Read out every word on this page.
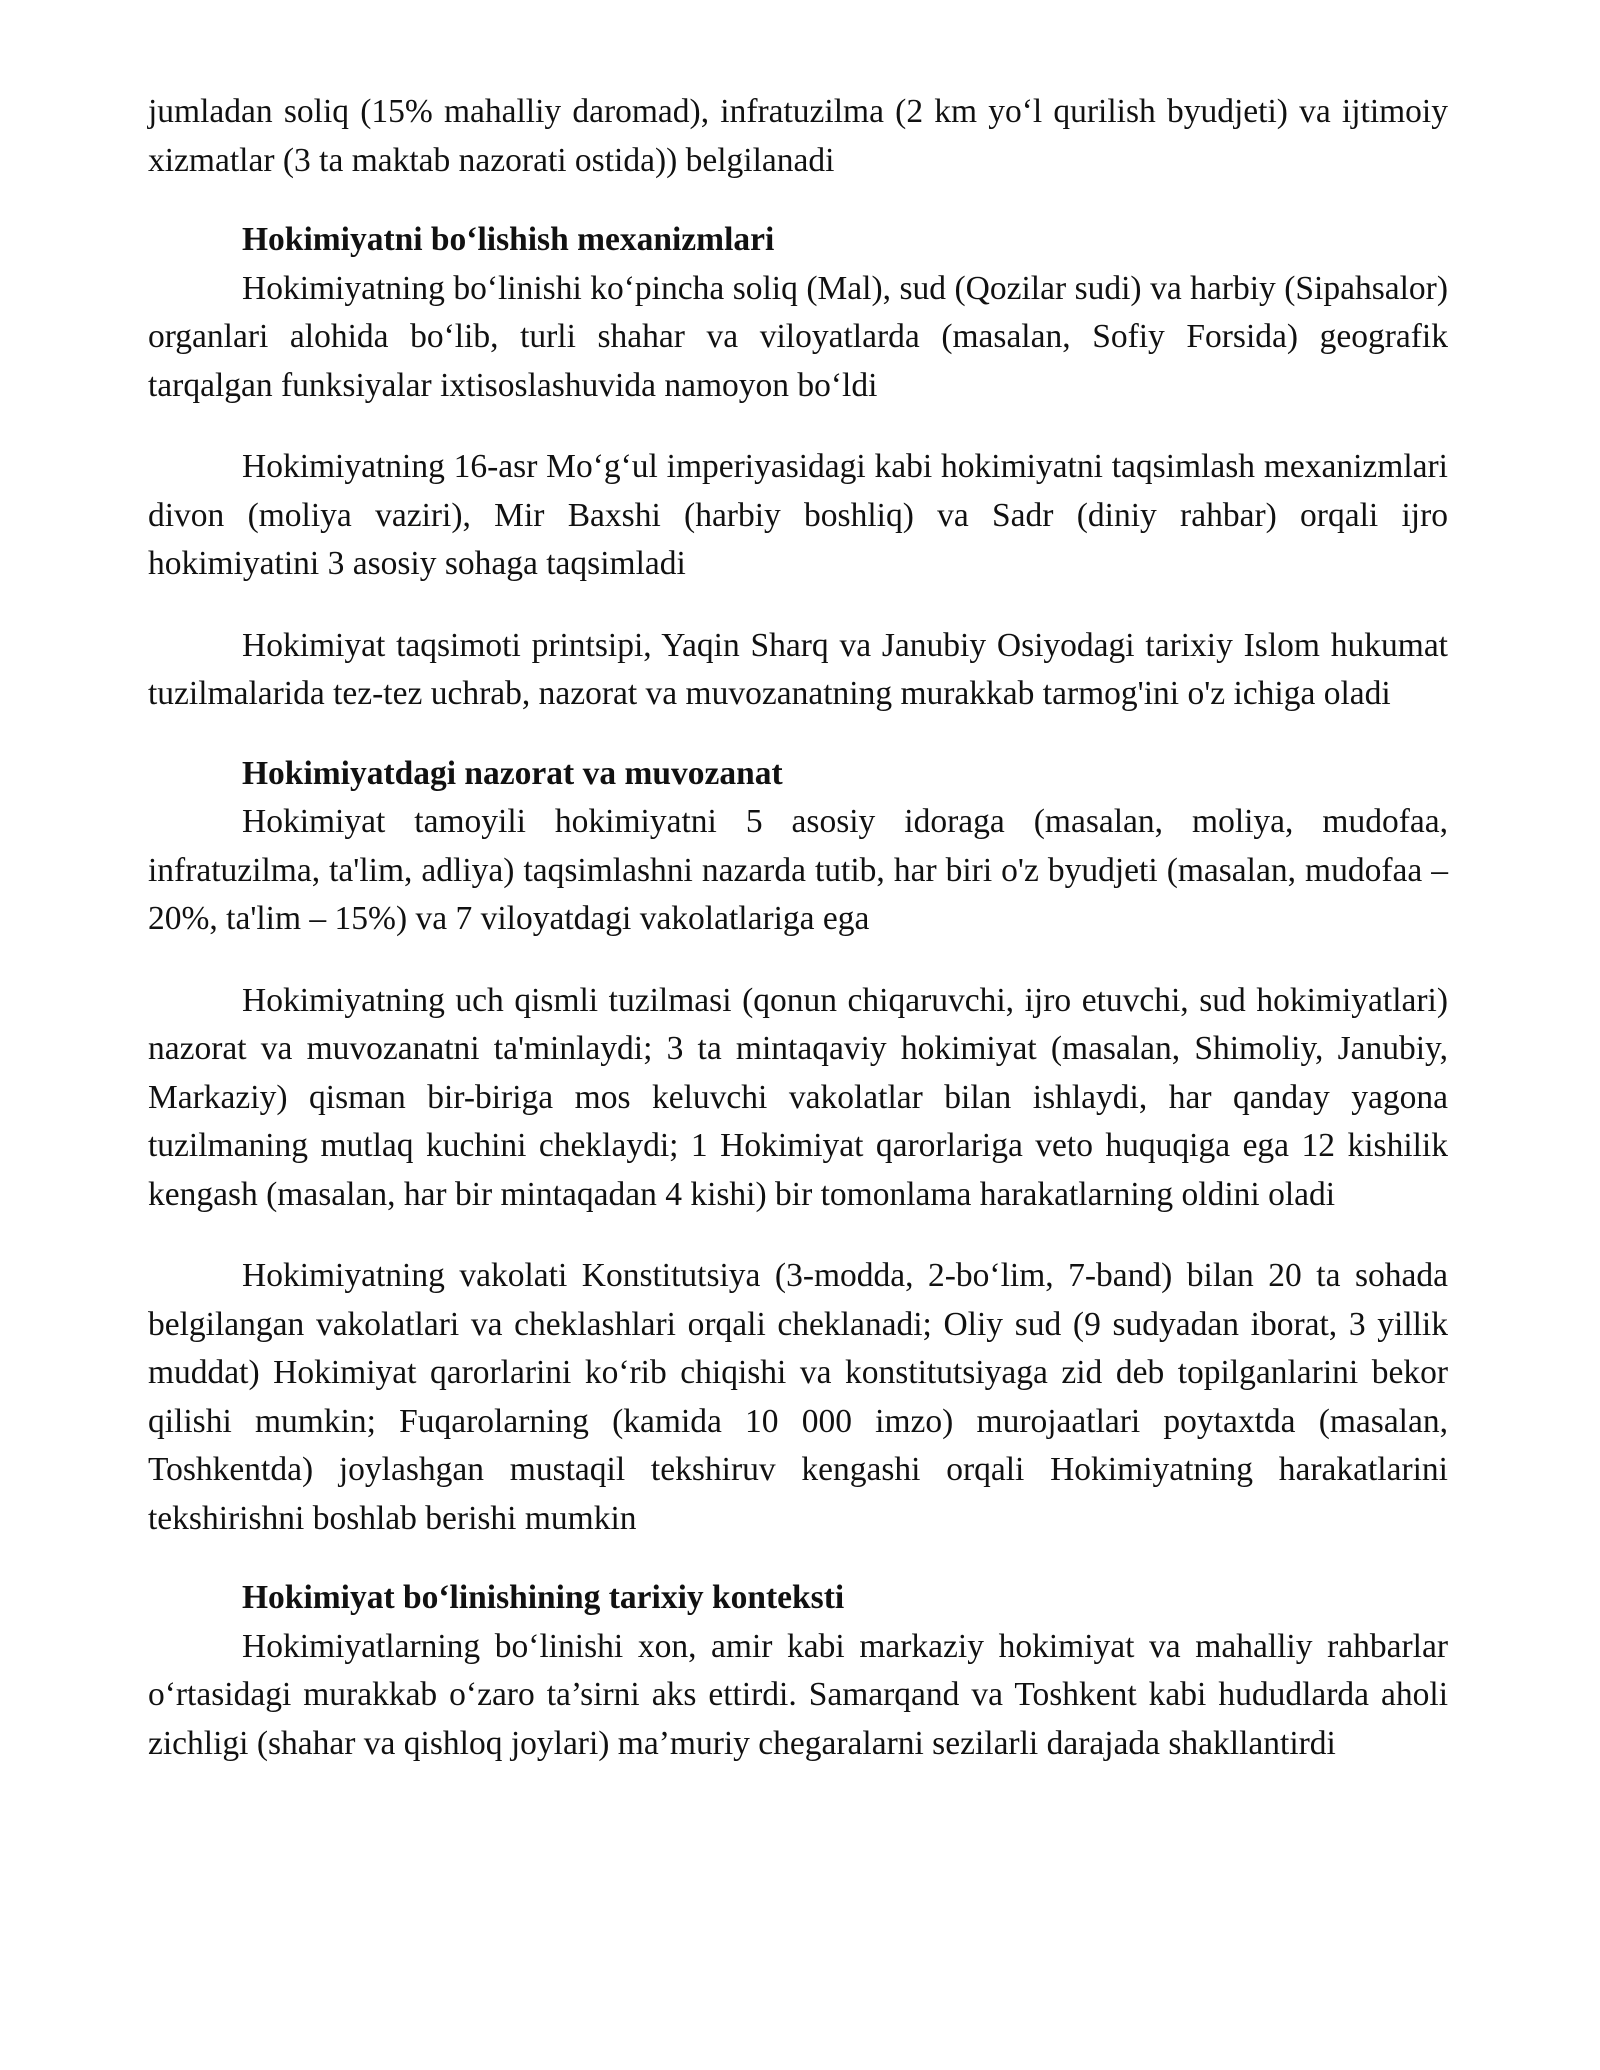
jumladan soliq (15% mahalliy daromad), infratuzilma (2 km yo‘l qurilish byudjeti) va ijtimoiy xizmatlar (3 ta maktab nazorati ostida)) belgilanadi

Hokimiyatni bo‘lishish mexanizmlari

Hokimiyatning bo‘linishi ko‘pincha soliq (Mal), sud (Qozilar sudi) va harbiy (Sipahsalor) organlari alohida bo‘lib, turli shahar va viloyatlarda (masalan, Sofiy Forsida) geografik tarqalgan funksiyalar ixtisoslashuvida namoyon bo‘ldi

Hokimiyatning 16-asr Mo‘g‘ul imperiyasidagi kabi hokimiyatni taqsimlash mexanizmlari divon (moliya vaziri), Mir Baxshi (harbiy boshliq) va Sadr (diniy rahbar) orqali ijro hokimiyatini 3 asosiy sohaga taqsimladi

Hokimiyat taqsimoti printsipi, Yaqin Sharq va Janubiy Osiyodagi tarixiy Islom hukumat tuzilmalarida tez-tez uchrab, nazorat va muvozanatning murakkab tarmog'ini o'z ichiga oladi

Hokimiyatdagi nazorat va muvozanat

Hokimiyat tamoyili hokimiyatni 5 asosiy idoraga (masalan, moliya, mudofaa, infratuzilma, ta'lim, adliya) taqsimlashni nazarda tutib, har biri o'z byudjeti (masalan, mudofaa – 20%, ta'lim – 15%) va 7 viloyatdagi vakolatlariga ega

Hokimiyatning uch qismli tuzilmasi (qonun chiqaruvchi, ijro etuvchi, sud hokimiyatlari) nazorat va muvozanatni ta'minlaydi; 3 ta mintaqaviy hokimiyat (masalan, Shimoliy, Janubiy, Markaziy) qisman bir-biriga mos keluvchi vakolatlar bilan ishlaydi, har qanday yagona tuzilmaning mutlaq kuchini cheklaydi; 1 Hokimiyat qarorlariga veto huquqiga ega 12 kishilik kengash (masalan, har bir mintaqadan 4 kishi) bir tomonlama harakatlarning oldini oladi

Hokimiyatning vakolati Konstitutsiya (3-modda, 2-bo‘lim, 7-band) bilan 20 ta sohada belgilangan vakolatlari va cheklashlari orqali cheklanadi; Oliy sud (9 sudyadan iborat, 3 yillik muddat) Hokimiyat qarorlarini ko‘rib chiqishi va konstitutsiyaga zid deb topilganlarini bekor qilishi mumkin; Fuqarolarning (kamida 10 000 imzo) murojaatlari poytaxtda (masalan, Toshkentda) joylashgan mustaqil tekshiruv kengashi orqali Hokimiyatning harakatlarini tekshirishni boshlab berishi mumkin

Hokimiyat bo‘linishining tarixiy konteksti

Hokimiyatlarning bo‘linishi xon, amir kabi markaziy hokimiyat va mahalliy rahbarlar o‘rtasidagi murakkab o‘zaro ta’sirni aks ettirdi. Samarqand va Toshkent kabi hududlarda aholi zichligi (shahar va qishloq joylari) ma’muriy chegaralarni sezilarli darajada shakllantirdi
